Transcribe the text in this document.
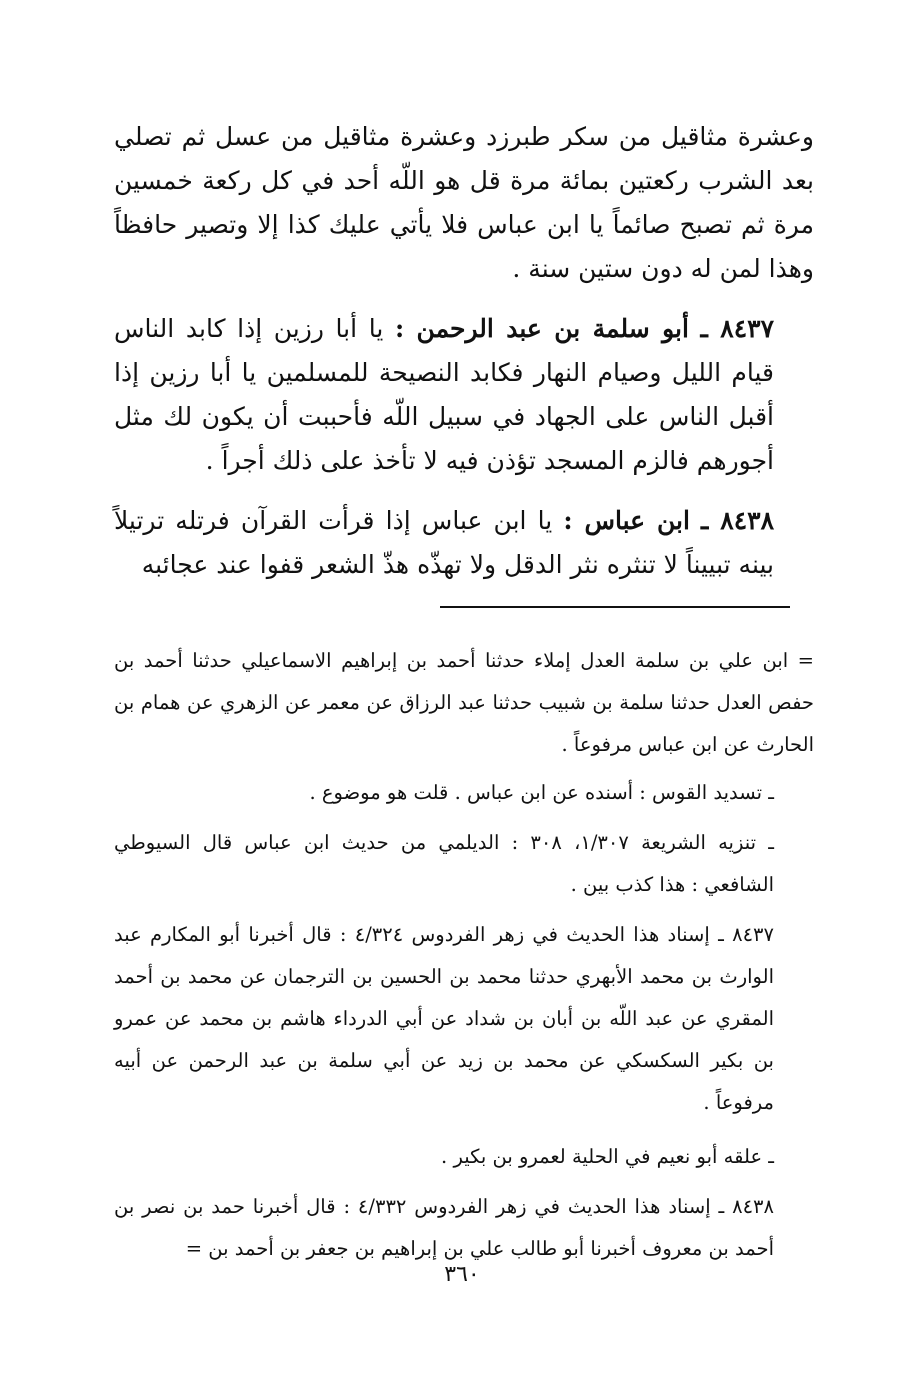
وعشرة مثاقيل من سكر طبرزد وعشرة مثاقيل من عسل ثم تصلي بعد الشرب ركعتين بمائة مرة قل هو اللّه أحد في كل ركعة خمسين مرة ثم تصبح صائماً يا ابن عباس فلا يأتي عليك كذا إلا وتصير حافظاً وهذا لمن له دون ستين سنة .

٨٤٣٧ ـ أبو سلمة بن عبد الرحمن : يا أبا رزين إذا كابد الناس قيام الليل وصيام النهار فكابد النصيحة للمسلمين يا أبا رزين إذا أقبل الناس على الجهاد في سبيل اللّه فأحببت أن يكون لك مثل أجورهم فالزم المسجد تؤذن فيه لا تأخذ على ذلك أجراً .

٨٤٣٨ ـ ابن عباس : يا ابن عباس إذا قرأت القرآن فرتله ترتيلاً بينه تبييناً لا تنثره نثر الدقل ولا تهذّه هذّ الشعر قفوا عند عجائبه

= ابن علي بن سلمة العدل إملاء حدثنا أحمد بن إبراهيم الاسماعيلي حدثنا أحمد بن حفص العدل حدثنا سلمة بن شبيب حدثنا عبد الرزاق عن معمر عن الزهري عن همام بن الحارث عن ابن عباس مرفوعاً .

ـ تسديد القوس : أسنده عن ابن عباس . قلت هو موضوع .

ـ تنزيه الشريعة ١/٣٠٧، ٣٠٨ : الديلمي من حديث ابن عباس قال السيوطي الشافعي : هذا كذب بين .

٨٤٣٧ ـ إسناد هذا الحديث في زهر الفردوس ٤/٣٢٤ : قال أخبرنا أبو المكارم عبد الوارث بن محمد الأبهري حدثنا محمد بن الحسين بن الترجمان عن محمد بن أحمد المقري عن عبد اللّه بن أبان بن شداد عن أبي الدرداء هاشم بن محمد عن عمرو بن بكير السكسكي عن محمد بن زيد عن أبي سلمة بن عبد الرحمن عن أبيه مرفوعاً .

ـ علقه أبو نعيم في الحلية لعمرو بن بكير .

٨٤٣٨ ـ إسناد هذا الحديث في زهر الفردوس ٤/٣٣٢ : قال أخبرنا حمد بن نصر بن أحمد بن معروف أخبرنا أبو طالب علي بن إبراهيم بن جعفر بن أحمد بن =

٣٦٠
